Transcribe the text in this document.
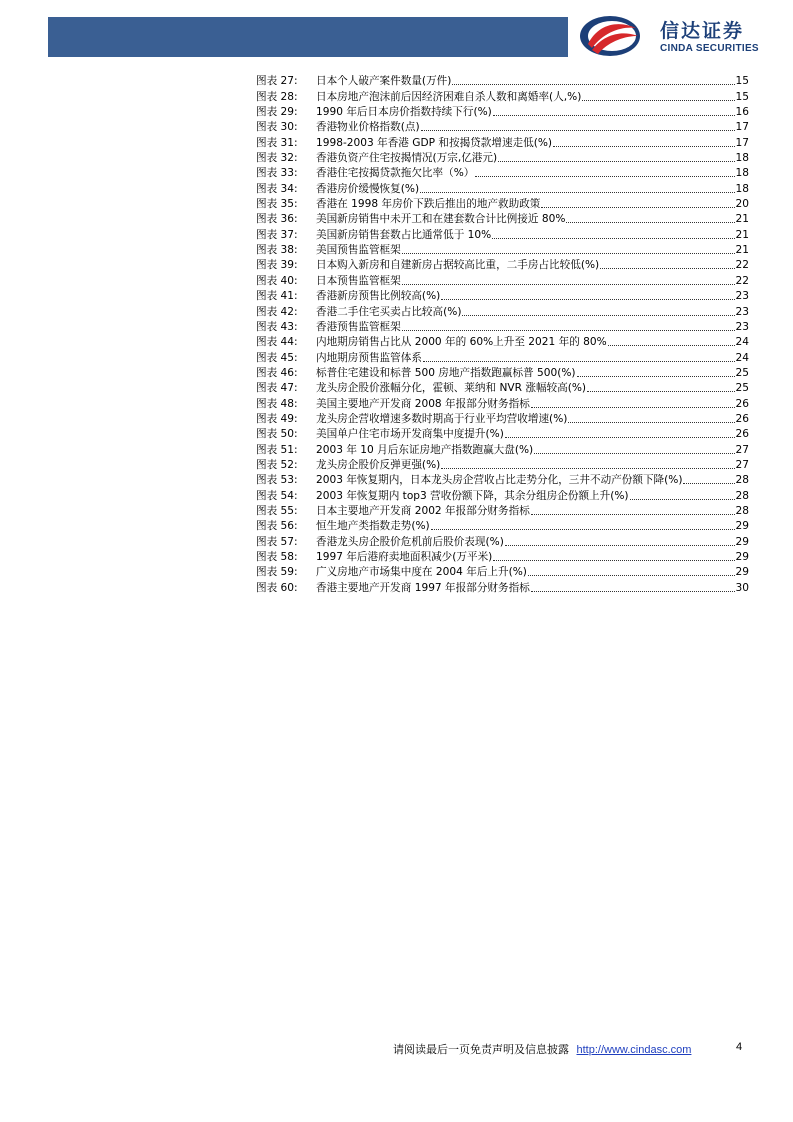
信达证券
CINDA SECURITIES
图表 27:	日本个人破产案件数量(万件)	15
图表 28:	日本房地产泡沫前后因经济困难自杀人数和离婚率(人,%)	15
图表 29:	1990 年后日本房价指数持续下行(%)	16
图表 30:	香港物业价格指数(点)	17
图表 31:	1998-2003 年香港 GDP 和按揭贷款增速走低(%)	17
图表 32:	香港负资产住宅按揭情况(万宗,亿港元)	18
图表 33:	香港住宅按揭贷款拖欠比率（%）	18
图表 34:	香港房价缓慢恢复(%)	18
图表 35:	香港在 1998 年房价下跌后推出的地产救助政策	20
图表 36:	美国新房销售中未开工和在建套数合计比例接近 80%	21
图表 37:	美国新房销售套数占比通常低于 10%	21
图表 38:	美国预售监管框架	21
图表 39:	日本购入新房和自建新房占据较高比重，二手房占比较低(%)	22
图表 40:	日本预售监管框架	22
图表 41:	香港新房预售比例较高(%)	23
图表 42:	香港二手住宅买卖占比较高(%)	23
图表 43:	香港预售监管框架	23
图表 44:	内地期房销售占比从 2000 年的 60%上升至 2021 年的 80%	24
图表 45:	内地期房预售监管体系	24
图表 46:	标普住宅建设和标普 500 房地产指数跑赢标普 500(%)	25
图表 47:	龙头房企股价涨幅分化，霍顿、莱纳和 NVR 涨幅较高(%)	25
图表 48:	美国主要地产开发商 2008 年报部分财务指标	26
图表 49:	龙头房企营收增速多数时期高于行业平均营收增速(%)	26
图表 50:	美国单户住宅市场开发商集中度提升(%)	26
图表 51:	2003 年 10 月后东证房地产指数跑赢大盘(%)	27
图表 52:	龙头房企股价反弹更强(%)	27
图表 53:	2003 年恢复期内，日本龙头房企营收占比走势分化，三井不动产份额下降(%)	28
图表 54:	2003 年恢复期内 top3 营收份额下降，其余分组房企份额上升(%)	28
图表 55:	日本主要地产开发商 2002 年报部分财务指标	28
图表 56:	恒生地产类指数走势(%)	29
图表 57:	香港龙头房企股价危机前后股价表现(%)	29
图表 58:	1997 年后港府卖地面积减少(万平米)	29
图表 59:	广义房地产市场集中度在 2004 年后上升(%)	29
图表 60:	香港主要地产开发商 1997 年报部分财务指标	30
请阅读最后一页免责声明及信息披露 http://www.cindasc.com	4
